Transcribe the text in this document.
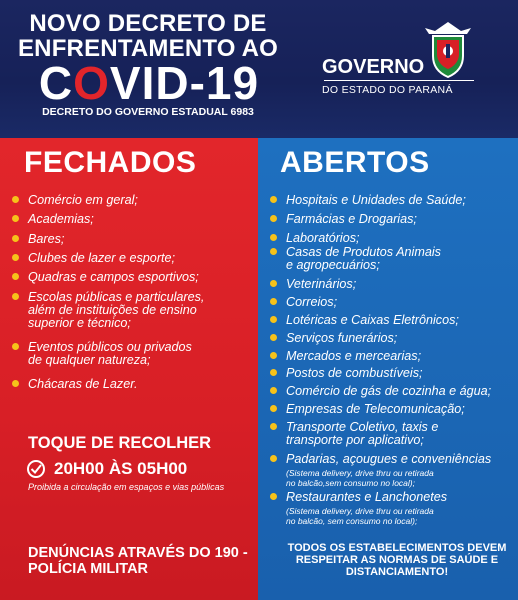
NOVO DECRETO DE
ENFRENTAMENTO AO
COVID-19
DECRETO DO GOVERNO ESTADUAL 6983
GOVERNO
DO ESTADO DO PARANÁ
FECHADOS	ABERTOS
Comércio em geral;
Academias;
Bares;
Clubes de lazer e esporte;
Quadras e campos esportivos;
Escolas públicas e particulares,
além de instituições de ensino
superior e técnico;
Eventos públicos ou privados
de qualquer natureza;
Chácaras de Lazer.
Hospitais e Unidades de Saúde;
Farmácias e Drogarias;
Laboratórios;
Casas de Produtos Animais
e agropecuários;
Veterinários;
Correios;
Lotéricas e Caixas Eletrônicos;
Serviços funerários;
Mercados e mercearias;
Postos de combustíveis;
Comércio de gás de cozinha e água;
Empresas de Telecomunicação;
Transporte Coletivo, taxis e
transporte por aplicativo;
Padarias, açougues e conveniências
(Sistema delivery, drive thru ou retirada
no balcão,sem consumo no local);
Restaurantes e Lanchonetes
(Sistema delivery, drive thru ou retirada
no balcão, sem consumo no local);
TOQUE DE RECOLHER
20H00 ÀS 05H00
Proibida a circulação em espaços e vias públicas
DENÚNCIAS ATRAVÉS DO 190 - POLÍCIA MILITAR
TODOS OS ESTABELECIMENTOS DEVEM RESPEITAR AS NORMAS DE SAÚDE E DISTANCIAMENTO!
